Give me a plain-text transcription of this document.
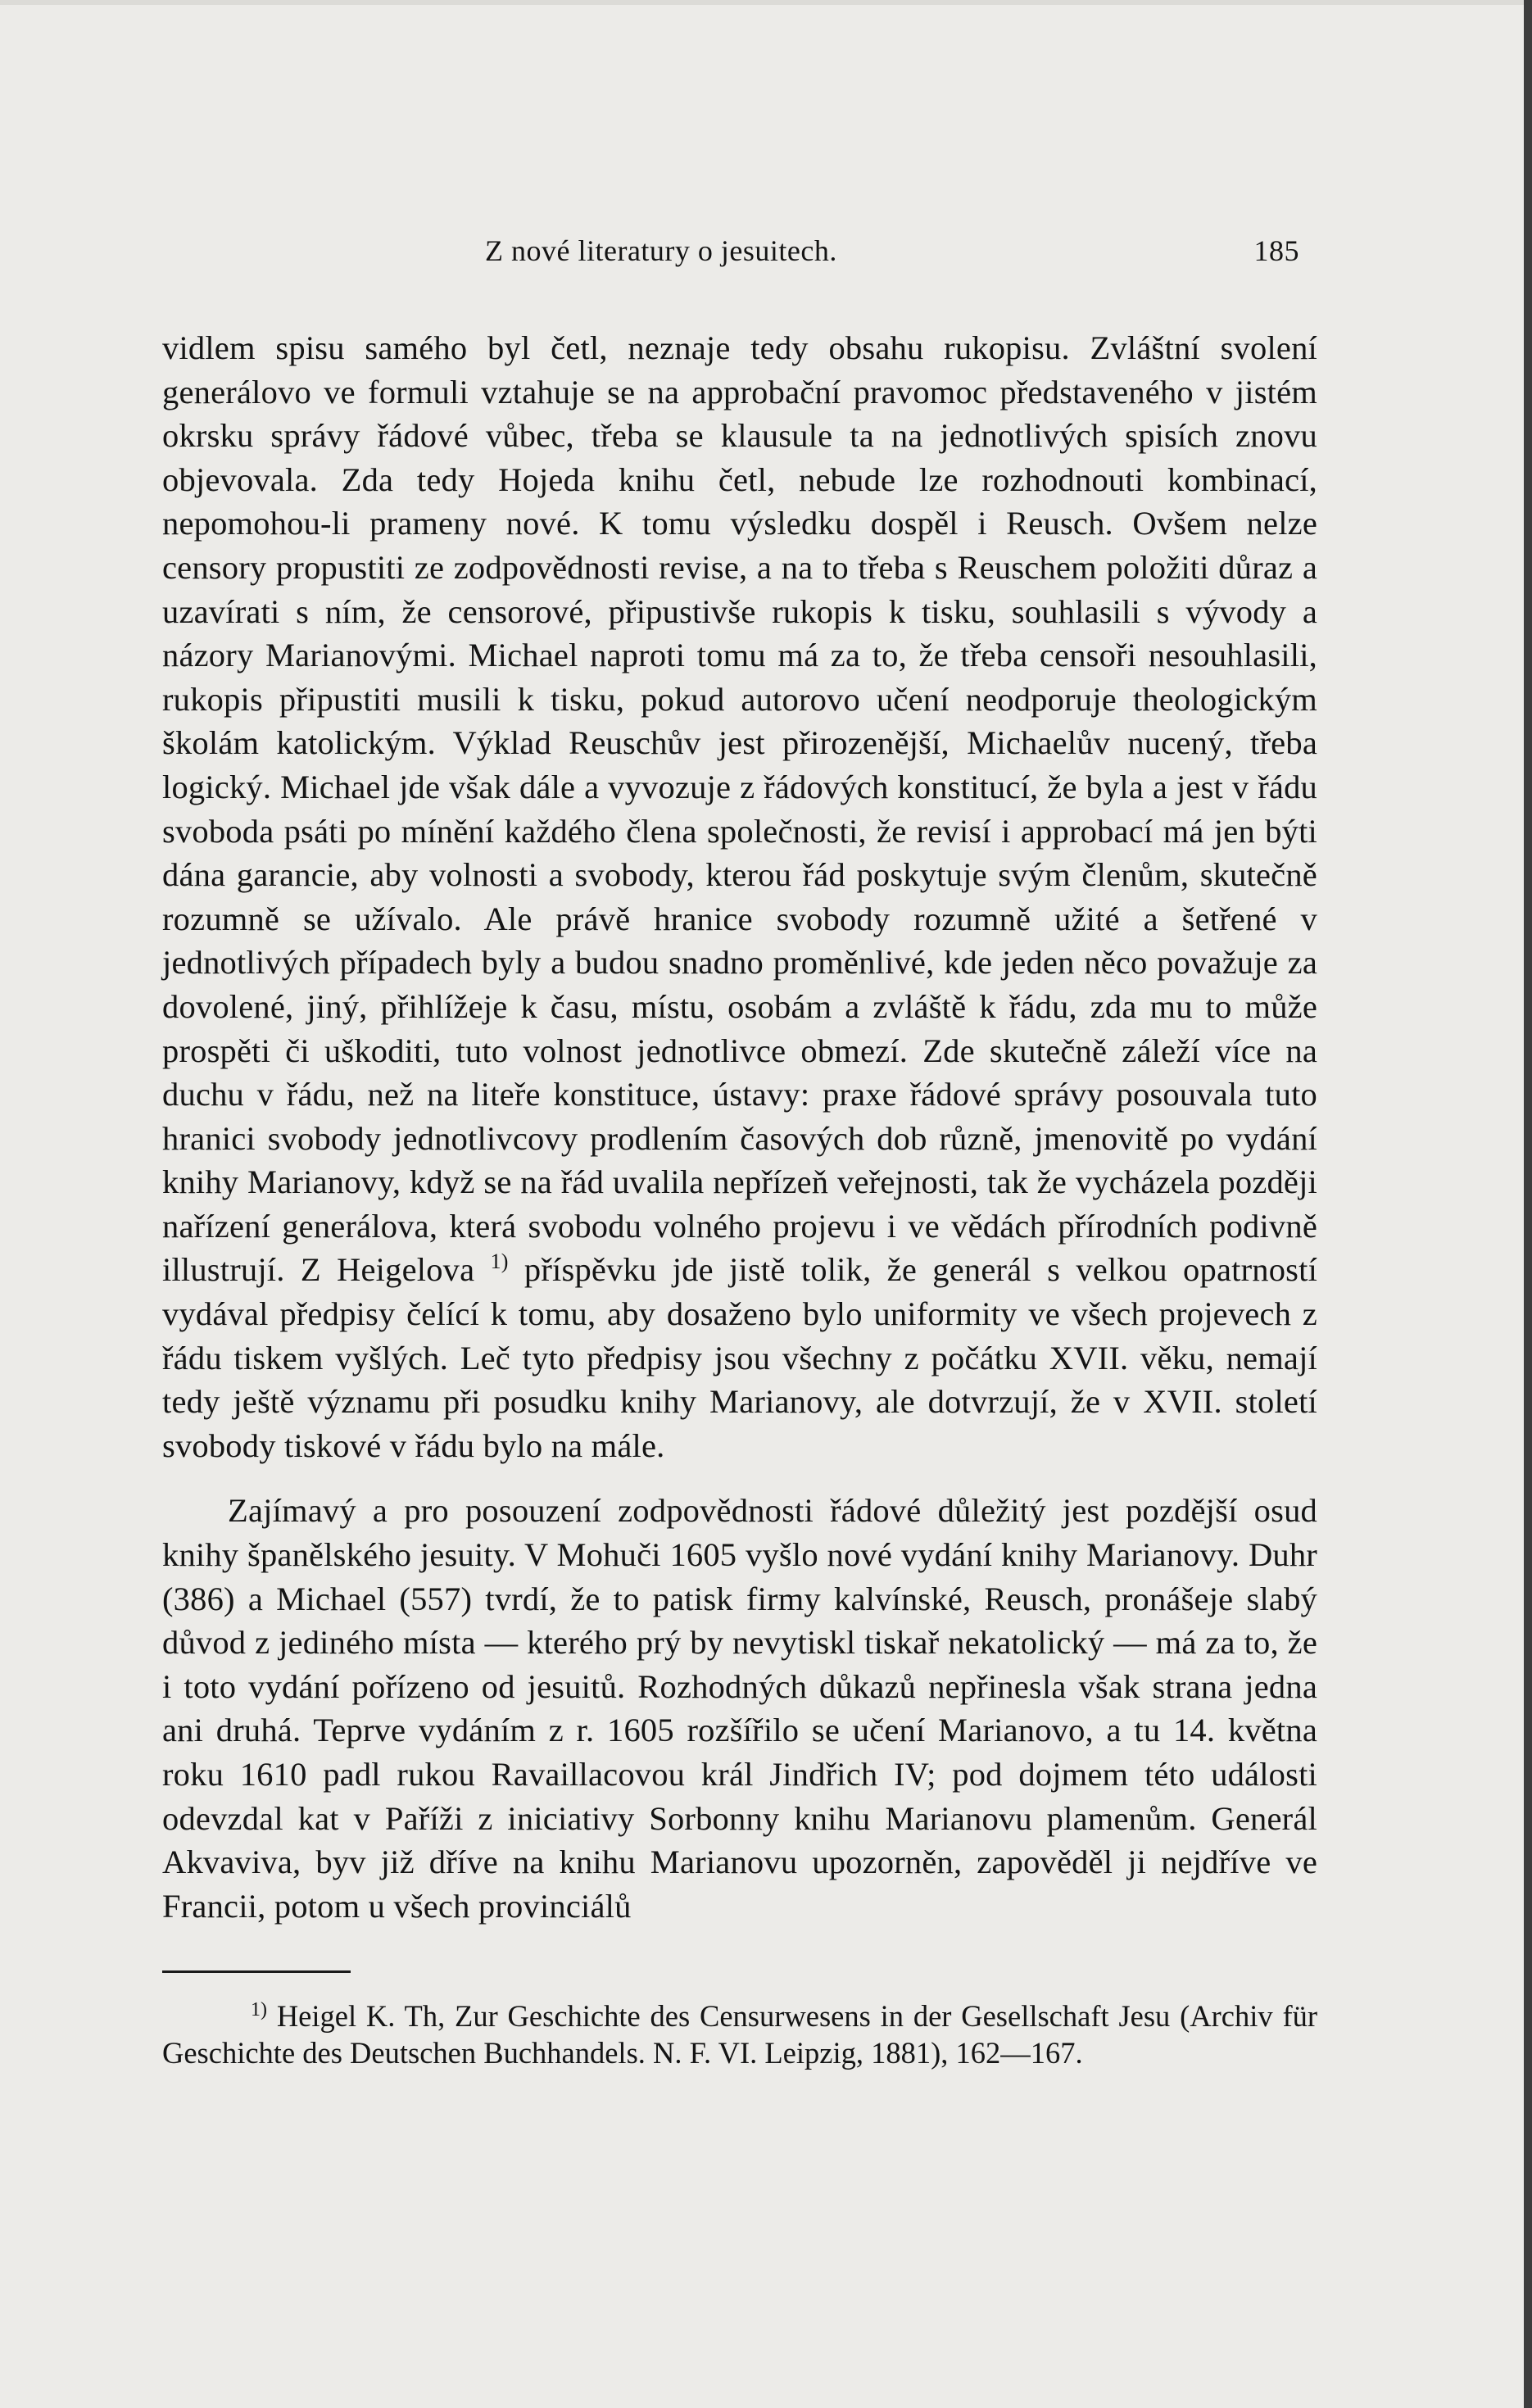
Z nové literatury o jesuitech.	185

vidlem spisu samého byl četl, neznaje tedy obsahu rukopisu. Zvláštní svolení generálovo ve formuli vztahuje se na approbační pravomoc představeného v jistém okrsku správy řádové vůbec, třeba se klausule ta na jednotlivých spisích znovu objevovala. Zda tedy Hojeda knihu četl, nebude lze rozhodnouti kombinací, nepomohou-li prameny nové. K tomu výsledku dospěl i Reusch. Ovšem nelze censory propustiti ze zodpovědnosti revise, a na to třeba s Reuschem položiti důraz a uzavírati s ním, že censorové, připustivše rukopis k tisku, souhlasili s vývody a názory Marianovými. Michael naproti tomu má za to, že třeba censoři nesouhlasili, rukopis připustiti musili k tisku, pokud autorovo učení neodporuje theologickým školám katolickým. Výklad Reuschův jest přirozenější, Michaelův nucený, třeba logický. Michael jde však dále a vyvozuje z řádových konstitucí, že byla a jest v řádu svoboda psáti po mínění každého člena společnosti, že revisí i approbací má jen býti dána garancie, aby volnosti a svobody, kterou řád poskytuje svým členům, skutečně rozumně se užívalo. Ale právě hranice svobody rozumně užité a šetřené v jednotlivých případech byly a budou snadno proměnlivé, kde jeden něco považuje za dovolené, jiný, přihlížeje k času, místu, osobám a zvláště k řádu, zda mu to může prospěti či uškoditi, tuto volnost jednotlivce obmezí. Zde skutečně záleží více na duchu v řádu, než na liteře konstituce, ústavy: praxe řádové správy posouvala tuto hranici svobody jednotlivcovy prodlením časových dob různě, jmenovitě po vydání knihy Marianovy, když se na řád uvalila nepřízeň veřejnosti, tak že vycházela později nařízení generálova, která svobodu volného projevu i ve vědách přírodních podivně illustrují. Z Heigelova $^{1)}$ příspěvku jde jistě tolik, že generál s velkou opatrností vydával předpisy čelící k tomu, aby dosaženo bylo uniformity ve všech projevech z řádu tiskem vyšlých. Leč tyto předpisy jsou všechny z počátku XVII. věku, nemají tedy ještě významu při posudku knihy Marianovy, ale dotvrzují, že v XVII. století svobody tiskové v řádu bylo na mále.

Zajímavý a pro posouzení zodpovědnosti řádové důležitý jest pozdější osud knihy španělského jesuity. V Mohuči 1605 vyšlo nové vydání knihy Marianovy. Duhr (386) a Michael (557) tvrdí, že to patisk firmy kalvínské, Reusch, pronášeje slabý důvod z jediného místa — kterého prý by nevytiskl tiskař nekatolický — má za to, že i toto vydání pořízeno od jesuitů. Rozhodných důkazů nepřinesla však strana jedna ani druhá. Teprve vydáním z r. 1605 rozšířilo se učení Marianovo, a tu 14. května roku 1610 padl rukou Ravaillacovou král Jindřich IV; pod dojmem této události odevzdal kat v Paříži z iniciativy Sorbonny knihu Marianovu plamenům. Generál Akvaviva, byv již dříve na knihu Marianovu upozorněn, zapověděl ji nejdříve ve Francii, potom u všech provinciálů

$^{1)}$ Heigel K. Th, Zur Geschichte des Censurwesens in der Gesellschaft Jesu (Archiv für Geschichte des Deutschen Buchhandels. N. F. VI. Leipzig, 1881), 162—167.
